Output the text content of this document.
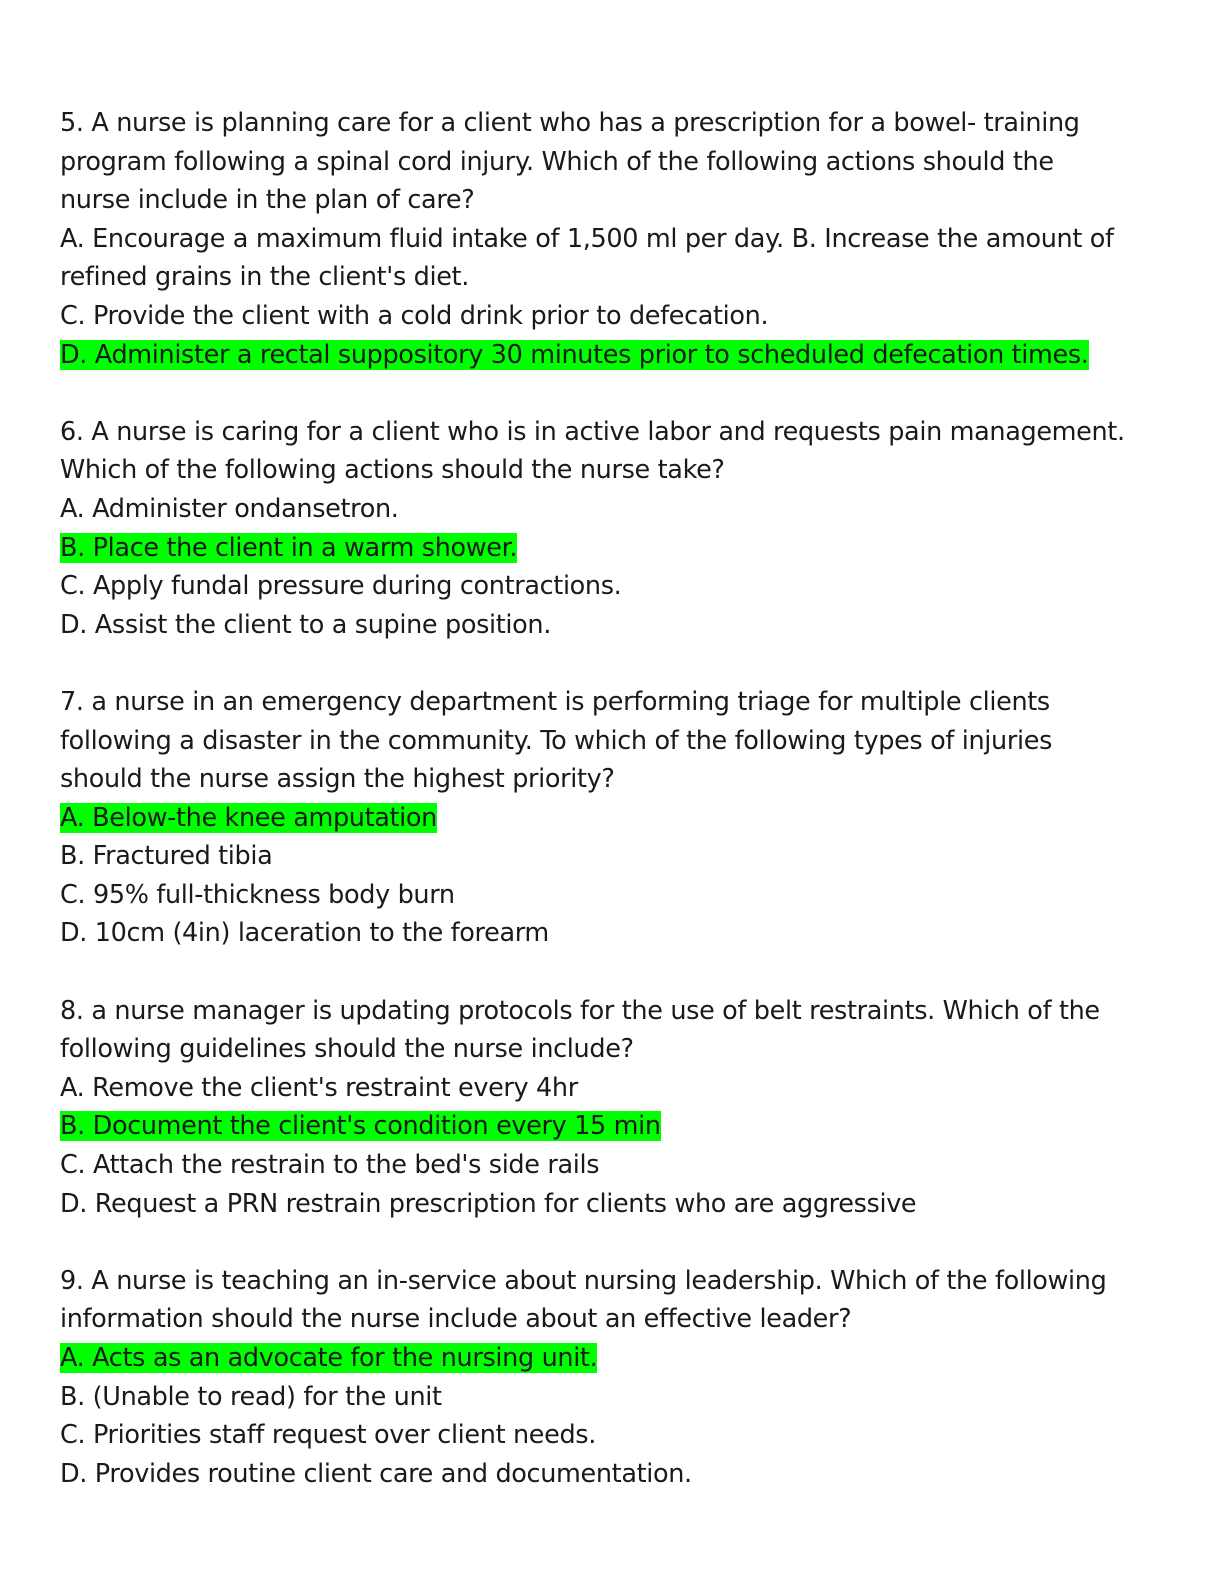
5. A nurse is planning care for a client who has a prescription for a bowel- training
program following a spinal cord injury. Which of the following actions should the
nurse include in the plan of care?
A. Encourage a maximum fluid intake of 1,500 ml per day. B. Increase the amount of
refined grains in the client's diet.
C. Provide the client with a cold drink prior to defecation.
D. Administer a rectal suppository 30 minutes prior to scheduled defecation times.
6. A nurse is caring for a client who is in active labor and requests pain management.
Which of the following actions should the nurse take?
A. Administer ondansetron.
B. Place the client in a warm shower.
C. Apply fundal pressure during contractions.
D. Assist the client to a supine position.
7. a nurse in an emergency department is performing triage for multiple clients
following a disaster in the community. To which of the following types of injuries
should the nurse assign the highest priority?
A. Below-the knee amputation
B. Fractured tibia
C. 95% full-thickness body burn
D. 10cm (4in) laceration to the forearm
8. a nurse manager is updating protocols for the use of belt restraints. Which of the
following guidelines should the nurse include?
A. Remove the client's restraint every 4hr
B. Document the client's condition every 15 min
C. Attach the restrain to the bed's side rails
D. Request a PRN restrain prescription for clients who are aggressive
9. A nurse is teaching an in-service about nursing leadership. Which of the following
information should the nurse include about an effective leader?
A. Acts as an advocate for the nursing unit.
B. (Unable to read) for the unit
C. Priorities staff request over client needs.
D. Provides routine client care and documentation.
